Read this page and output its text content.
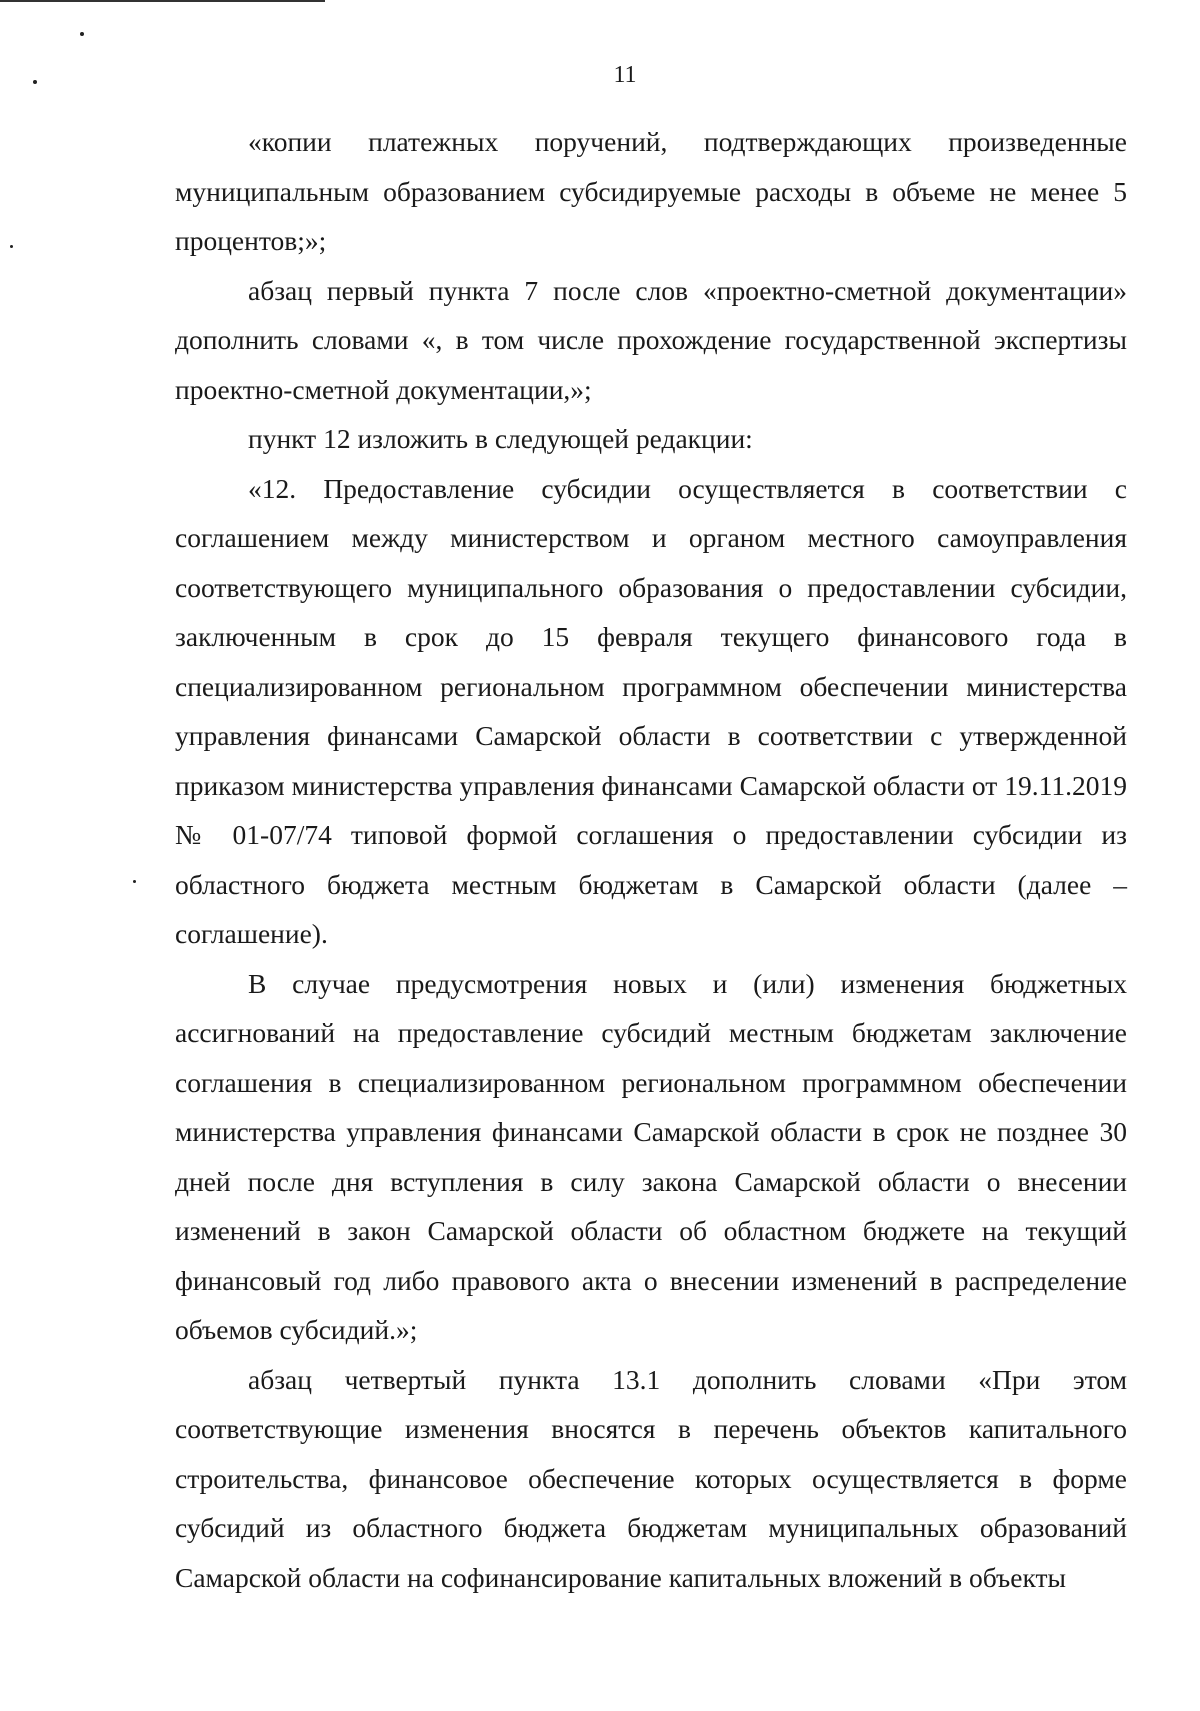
11

«копии платежных поручений, подтверждающих произведенные муниципальным образованием субсидируемые расходы в объеме не менее 5 процентов;»;

абзац первый пункта 7 после слов «проектно-сметной документации» дополнить словами «, в том числе прохождение государственной экспертизы проектно-сметной документации,»;

пункт 12 изложить в следующей редакции:

«12. Предоставление субсидии осуществляется в соответствии с соглашением между министерством и органом местного самоуправления соответствующего муниципального образования о предоставлении субсидии, заключенным в срок до 15 февраля текущего финансового года в специализированном региональном программном обеспечении министерства управления финансами Самарской области в соответствии с утвержденной приказом министерства управления финансами Самарской области от 19.11.2019 № 01-07/74 типовой формой соглашения о предоставлении субсидии из областного бюджета местным бюджетам в Самарской области (далее – соглашение).

В случае предусмотрения новых и (или) изменения бюджетных ассигнований на предоставление субсидий местным бюджетам заключение соглашения в специализированном региональном программном обеспечении министерства управления финансами Самарской области в срок не позднее 30 дней после дня вступления в силу закона Самарской области о внесении изменений в закон Самарской области об областном бюджете на текущий финансовый год либо правового акта о внесении изменений в распределение объемов субсидий.»;

абзац четвертый пункта 13.1 дополнить словами «При этом соответствующие изменения вносятся в перечень объектов капитального строительства, финансовое обеспечение которых осуществляется в форме субсидий из областного бюджета бюджетам муниципальных образований Самарской области на софинансирование капитальных вложений в объекты
